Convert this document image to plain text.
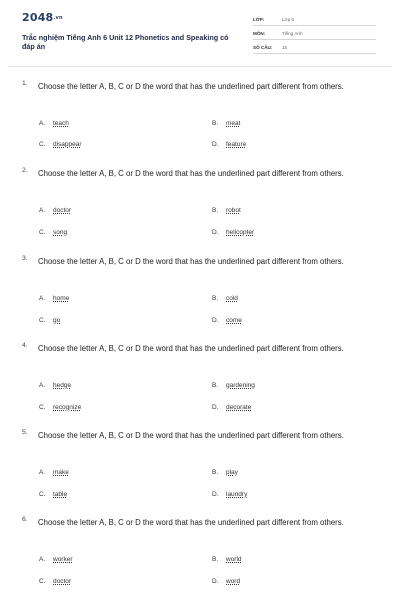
2048.vn
Trắc nghiệm Tiếng Anh 6 Unit 12 Phonetics and Speaking có đáp án
LỚP:	Lớp 6
MÔN:	Tiếng Anh
SỐ CÂU: 15
1. Choose the letter A, B, C or D the word that has the underlined part different from others.
A. teach	B. meat
C. disappear	D. feature
2. Choose the letter A, B, C or D the word that has the underlined part different from others.
A. doctor	B. robot
C. song	D. helicopter
3. Choose the letter A, B, C or D the word that has the underlined part different from others.
A. home	B. cold
C. go	D. come
4. Choose the letter A, B, C or D the word that has the underlined part different from others.
A. hedge	B. gardening
C. recognize	D. decorate
5. Choose the letter A, B, C or D the word that has the underlined part different from others.
A. make	B. play
C. table	D. laundry
6. Choose the letter A, B, C or D the word that has the underlined part different from others.
A. worker	B. world
C. doctor	D. word
